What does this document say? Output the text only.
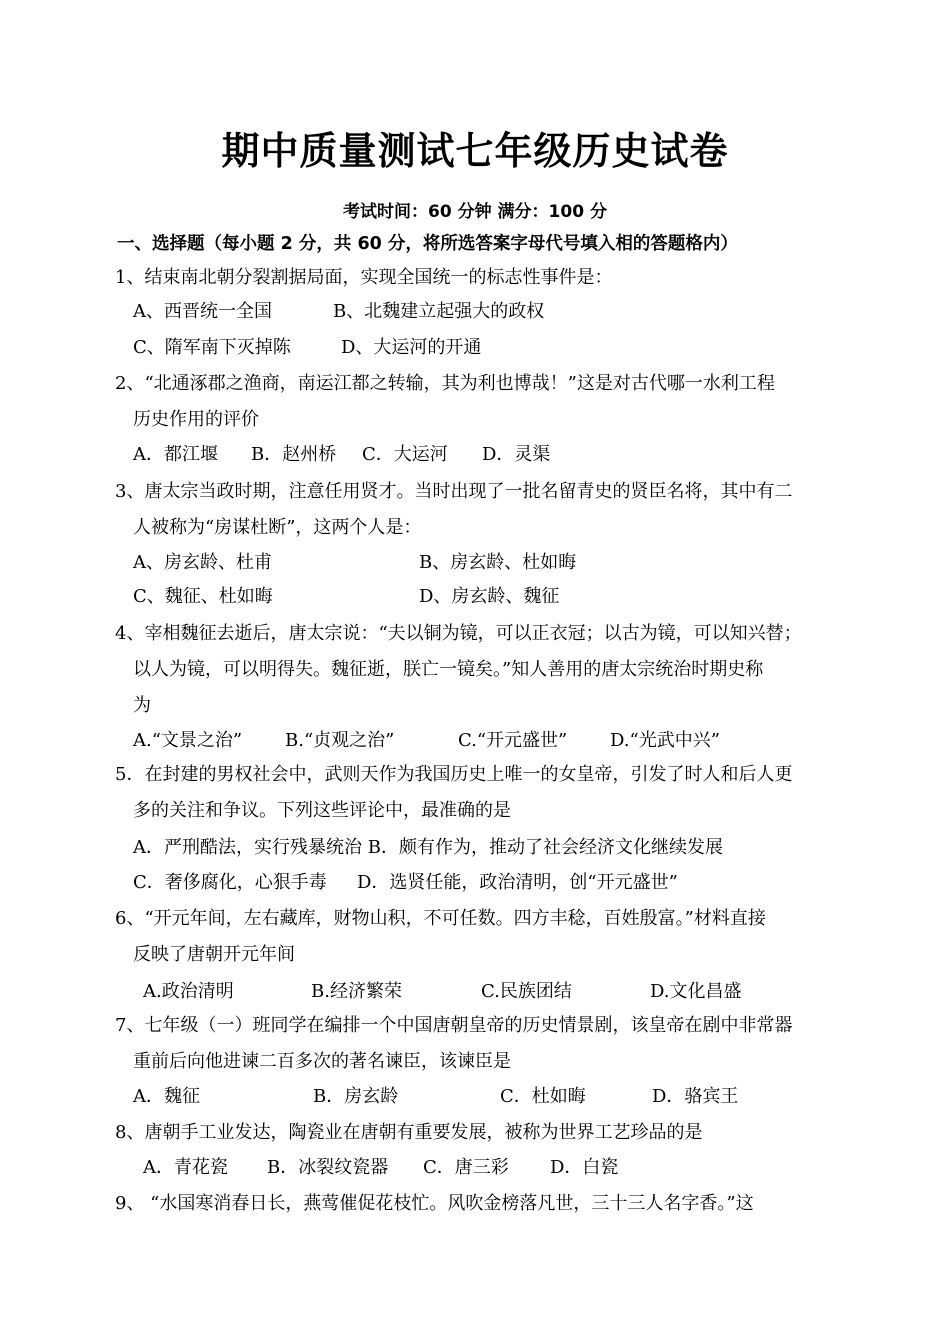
期中质量测试七年级历史试卷
考试时间：60 分钟 满分：100 分
一、选择题（每小题 2 分，共 60 分，将所选答案字母代号填入相的答题格内）
1、结束南北朝分裂割据局面，实现全国统一的标志性事件是：
A、西晋统一全国	B、北魏建立起强大的政权
C、隋军南下灭掉陈	D、大运河的开通
2、“北通涿郡之渔商，南运江都之转输，其为利也博哉！”这是对古代哪一水利工程
历史作用的评价
A．都江堰 B．赵州桥 C．大运河 D．灵渠
3、唐太宗当政时期，注意任用贤才。当时出现了一批名留青史的贤臣名将，其中有二
人被称为“房谋杜断”，这两个人是：
A、房玄龄、杜甫	B、房玄龄、杜如晦
C、魏征、杜如晦	D、房玄龄、魏征
4、宰相魏征去逝后，唐太宗说：“夫以铜为镜，可以正衣冠；以古为镜，可以知兴替；
以人为镜，可以明得失。魏征逝，朕亡一镜矣。”知人善用的唐太宗统治时期史称
为
A.“文景之治” B.“贞观之治”	C.“开元盛世” D.“光武中兴”
5．在封建的男权社会中，武则天作为我国历史上唯一的女皇帝，引发了时人和后人更
多的关注和争议。下列这些评论中，最准确的是
A．严刑酷法，实行残暴统治 B．颇有作为，推动了社会经济文化继续发展
C．奢侈腐化，心狠手毒 D．选贤任能，政治清明，创“开元盛世”
6、“开元年间，左右藏库，财物山积，不可任数。四方丰稔，百姓殷富。”材料直接
反映了唐朝开元年间
A.政治清明	B.经济繁荣	C.民族团结	D.文化昌盛
7、七年级（一）班同学在编排一个中国唐朝皇帝的历史情景剧，该皇帝在剧中非常器
重前后向他进谏二百多次的著名谏臣，该谏臣是
A．魏征	B．房玄龄	C．杜如晦	D．骆宾王
8、唐朝手工业发达，陶瓷业在唐朝有重要发展，被称为世界工艺珍品的是
A．青花瓷 B．冰裂纹瓷器 C．唐三彩 D．白瓷
9、 “水国寒消春日长，燕莺催促花枝忙。风吹金榜落凡世，三十三人名字香。”这
